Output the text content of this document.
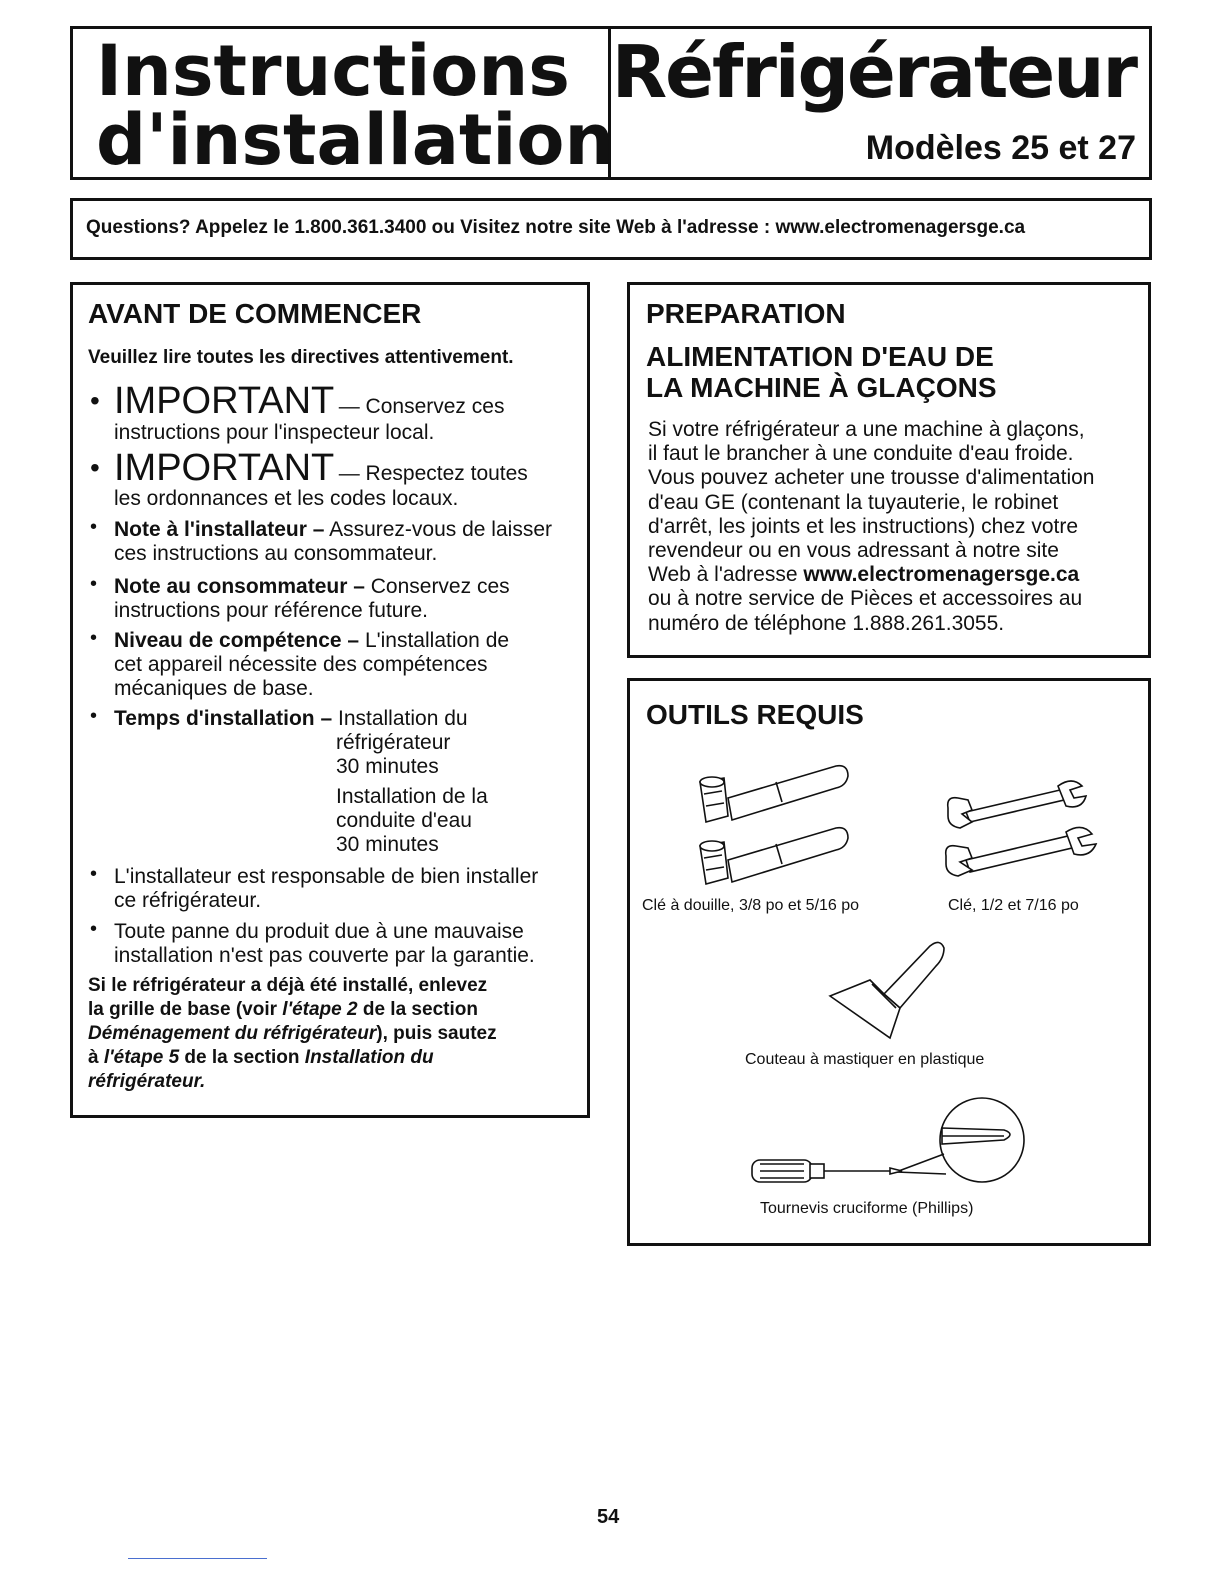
Instructions
d'installation
Réfrigérateur
Modèles 25 et 27
Questions? Appelez le 1.800.361.3400 ou Visitez notre site Web à l'adresse : www.electromenagersge.ca
AVANT DE COMMENCER
Veuillez lire toutes les directives attentivement.
• IMPORTANT — Conservez ces
instructions pour l'inspecteur local.
• IMPORTANT — Respectez toutes
les ordonnances et les codes locaux.
• Note à l'installateur – Assurez-vous de laisser
ces instructions au consommateur.
• Note au consommateur – Conservez ces
instructions pour référence future.
• Niveau de compétence – L'installation de
cet appareil nécessite des compétences
mécaniques de base.
• Temps d'installation – Installation du
réfrigérateur
30 minutes
Installation de la
conduite d'eau
30 minutes
• L'installateur est responsable de bien installer
ce réfrigérateur.
• Toute panne du produit due à une mauvaise
installation n'est pas couverte par la garantie.
Si le réfrigérateur a déjà été installé, enlevez
la grille de base (voir l'étape 2 de la section
Déménagement du réfrigérateur), puis sautez
à l'étape 5 de la section Installation du
réfrigérateur.
PREPARATION
ALIMENTATION D'EAU DE
LA MACHINE À GLAÇONS
Si votre réfrigérateur a une machine à glaçons,
il faut le brancher à une conduite d'eau froide.
Vous pouvez acheter une trousse d'alimentation
d'eau GE (contenant la tuyauterie, le robinet
d'arrêt, les joints et les instructions) chez votre
revendeur ou en vous adressant à notre site
Web à l'adresse www.electromenagersge.ca
ou à notre service de Pièces et accessoires au
numéro de téléphone 1.888.261.3055.
OUTILS REQUIS
Clé à douille, 3/8 po et 5/16 po	Clé, 1/2 et 7/16 po
Couteau à mastiquer en plastique
Tournevis cruciforme (Phillips)
54
